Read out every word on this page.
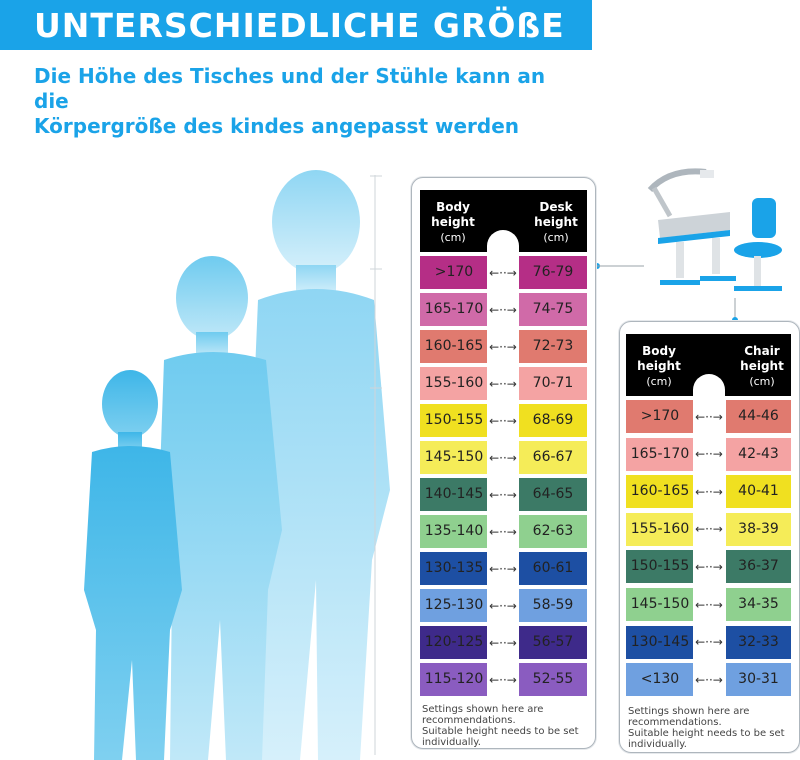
UNTERSCHIEDLICHE GRÖßE
Die Höhe des Tisches und der Stühle kann an die
Körpergröße des kindes angepasst werden
Body
height
(cm)
Desk
height
(cm)
>170	76-79
165-170	74-75
160-165	72-73
155-160	70-71
150-155	68-69
145-150	66-67
140-145	64-65
135-140	62-63
130-135	60-61
125-130	58-59
120-125	56-57
115-120	52-55
←··→
←··→
←··→
←··→
←··→
←··→
←··→
←··→
←··→
←··→
←··→
←··→
Settings shown here are
recommendations.
Suitable height needs to be set
individually.
Body
height
(cm)
Chair
height
(cm)
>170	44-46
165-170	42-43
160-165	40-41
155-160	38-39
150-155	36-37
145-150	34-35
130-145	32-33
<130	30-31
←··→
←··→
←··→
←··→
←··→
←··→
←··→
←··→
Settings shown here are
recommendations.
Suitable height needs to be set
individually.
